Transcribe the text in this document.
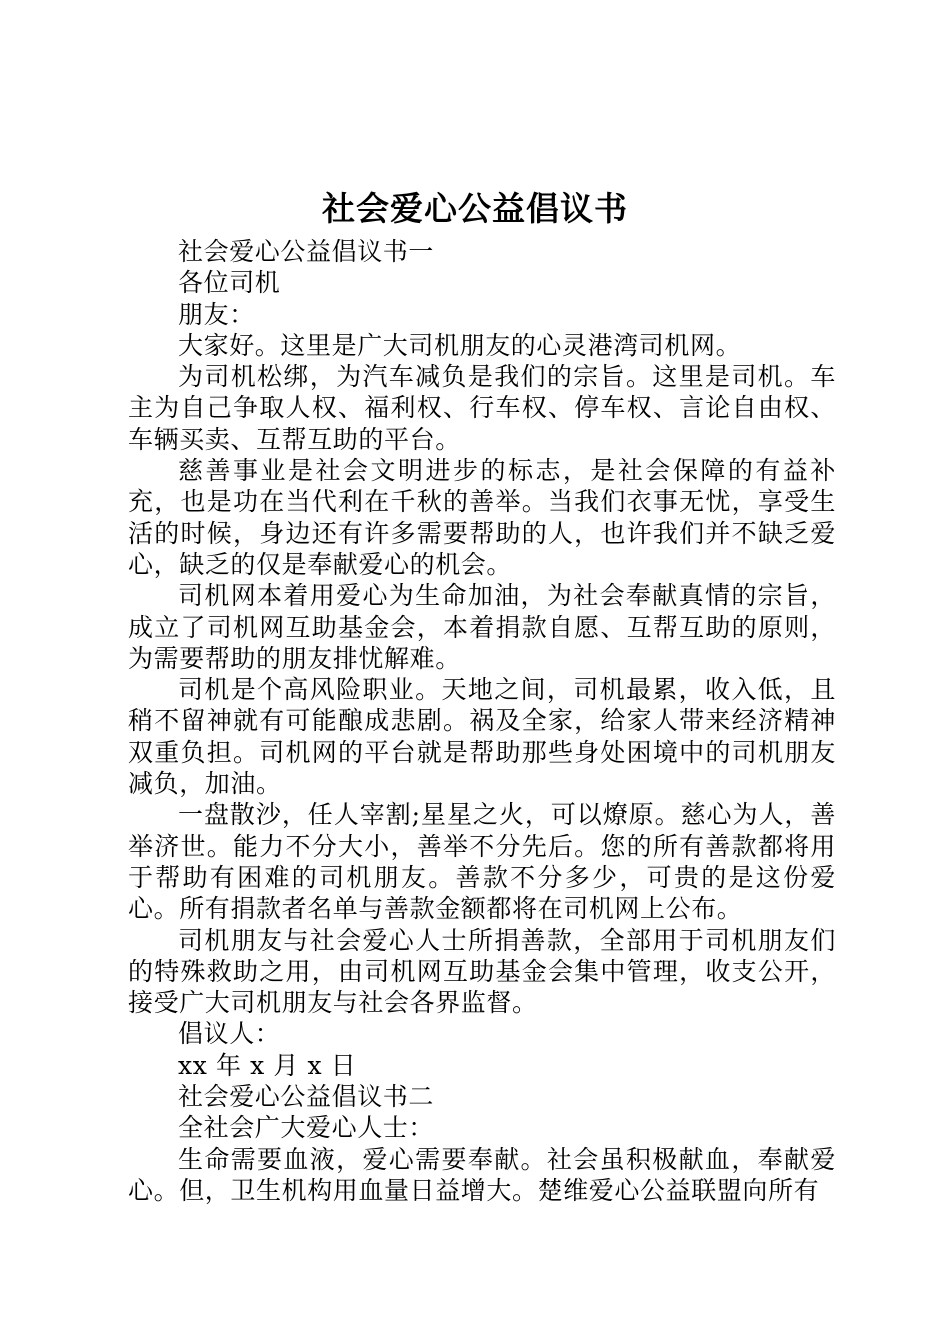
社会爱心公益倡议书

社会爱心公益倡议书一

各位司机

朋友：

大家好。这里是广大司机朋友的心灵港湾司机网。

为司机松绑，为汽车减负是我们的宗旨。这里是司机。车主为自己争取人权、福利权、行车权、停车权、言论自由权、车辆买卖、互帮互助的平台。

慈善事业是社会文明进步的标志，是社会保障的有益补充，也是功在当代利在千秋的善举。当我们衣事无忧，享受生活的时候，身边还有许多需要帮助的人，也许我们并不缺乏爱心，缺乏的仅是奉献爱心的机会。

司机网本着用爱心为生命加油，为社会奉献真情的宗旨，成立了司机网互助基金会，本着捐款自愿、互帮互助的原则，为需要帮助的朋友排忧解难。

司机是个高风险职业。天地之间，司机最累，收入低，且稍不留神就有可能酿成悲剧。祸及全家，给家人带来经济精神双重负担。司机网的平台就是帮助那些身处困境中的司机朋友减负，加油。

一盘散沙，任人宰割;星星之火，可以燎原。慈心为人，善举济世。能力不分大小，善举不分先后。您的所有善款都将用于帮助有困难的司机朋友。善款不分多少，可贵的是这份爱心。所有捐款者名单与善款金额都将在司机网上公布。

司机朋友与社会爱心人士所捐善款，全部用于司机朋友们的特殊救助之用，由司机网互助基金会集中管理，收支公开，接受广大司机朋友与社会各界监督。

倡议人：

xx 年 x 月 x 日

社会爱心公益倡议书二

全社会广大爱心人士：

生命需要血液，爱心需要奉献。社会虽积极献血，奉献爱心。但，卫生机构用血量日益增大。楚维爱心公益联盟向所有
